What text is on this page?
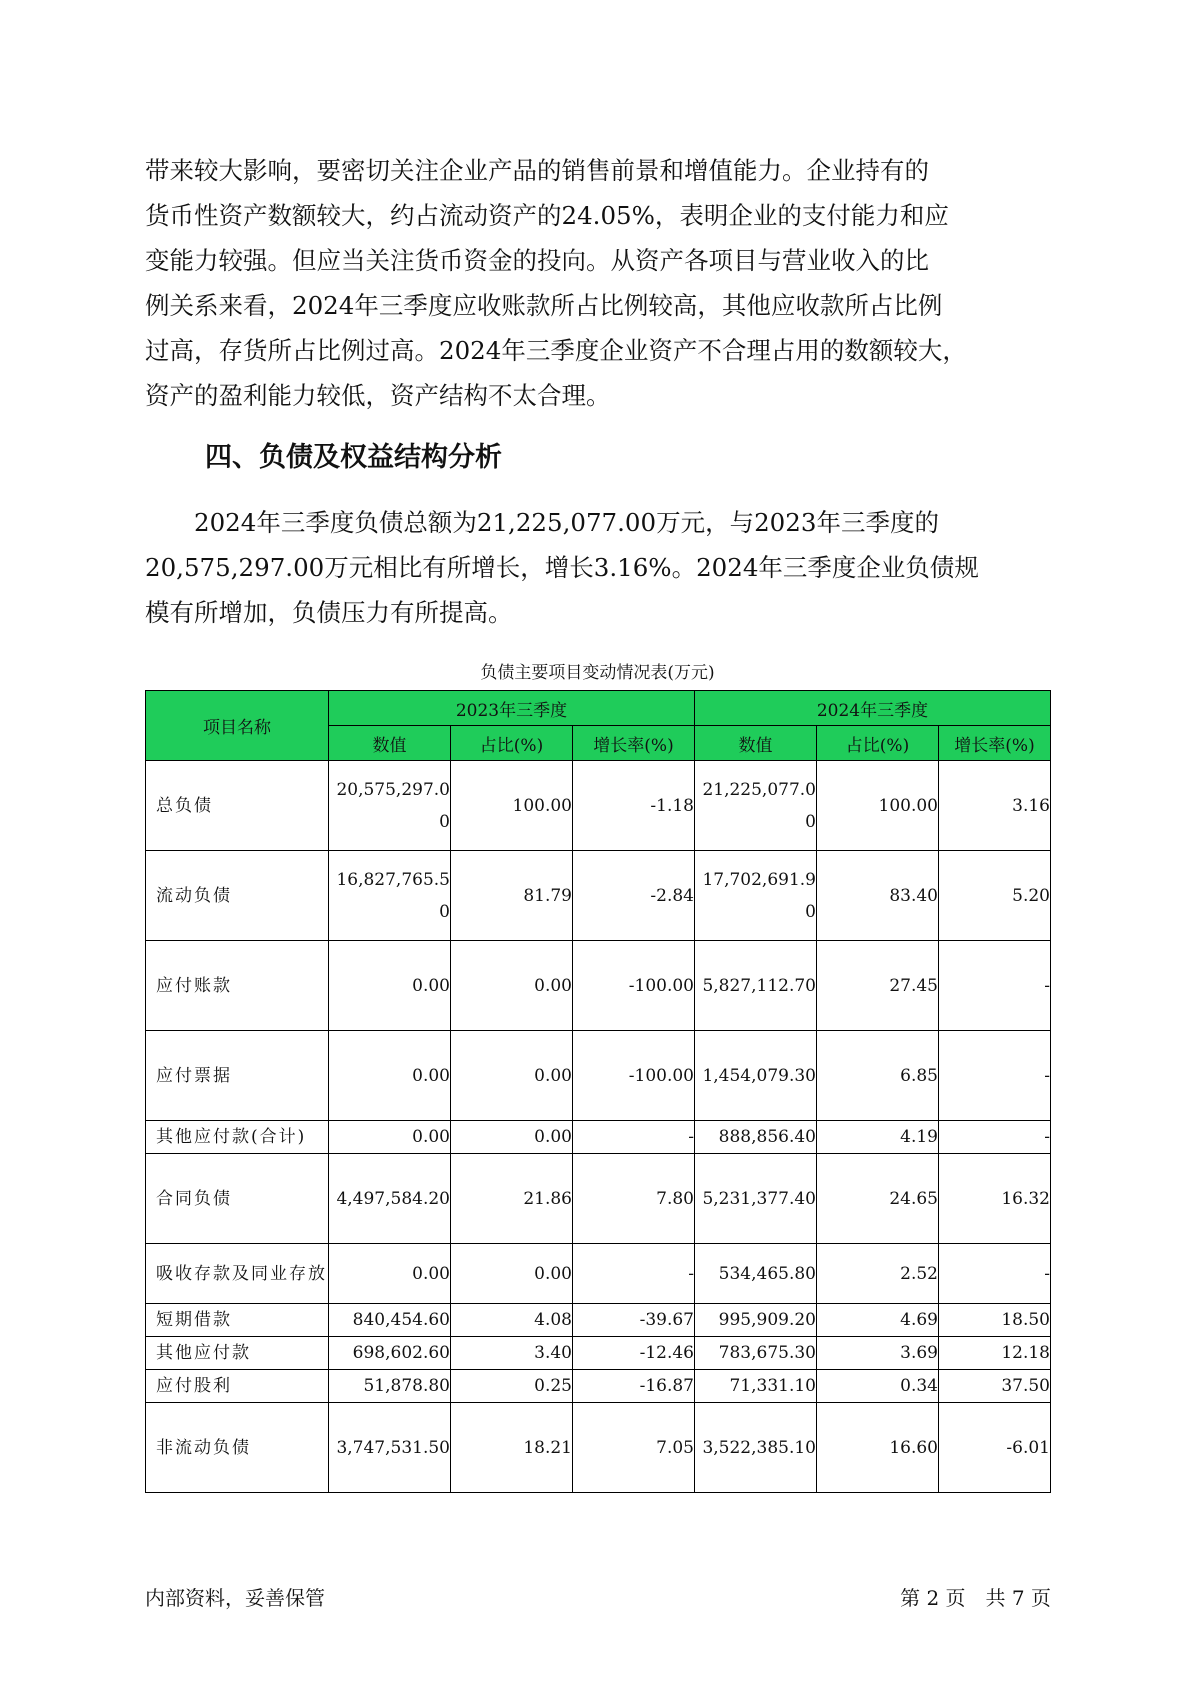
带来较大影响，要密切关注企业产品的销售前景和增值能力。企业持有的

货币性资产数额较大，约占流动资产的24.05%，表明企业的支付能力和应

变能力较强。但应当关注货币资金的投向。从资产各项目与营业收入的比

例关系来看，2024年三季度应收账款所占比例较高，其他应收款所占比例

过高，存货所占比例过高。2024年三季度企业资产不合理占用的数额较大，

资产的盈利能力较低，资产结构不太合理。

四、负债及权益结构分析

　　2024年三季度负债总额为21,225,077.00万元，与2023年三季度的

20,575,297.00万元相比有所增长，增长3.16%。2024年三季度企业负债规

模有所增加，负债压力有所提高。

负债主要项目变动情况表(万元)
项目名称	2023年三季度			2024年三季度		
	数值	占比(%)	增长率(%)	数值	占比(%)	增长率(%)

总负债	20,575,297.00	100.00	-1.18	21,225,077.00	100.00	3.16

流动负债	16,827,765.50	81.79	-2.84	17,702,691.90	83.40	5.20

应付账款	0.00	0.00	-100.00	5,827,112.70	27.45	-

应付票据	0.00	0.00	-100.00	1,454,079.30	6.85	-

其他应付款(合计)	0.00	0.00	-	888,856.40	4.19	-

合同负债	4,497,584.20	21.86	7.80	5,231,377.40	24.65	16.32

吸收存款及同业存放	0.00	0.00	-	534,465.80	2.52	-

短期借款	840,454.60	4.08	-39.67	995,909.20	4.69	18.50

其他应付款	698,602.60	3.40	-12.46	783,675.30	3.69	12.18

应付股利	51,878.80	0.25	-16.87	71,331.10	0.34	37.50

非流动负债	3,747,531.50	18.21	7.05	3,522,385.10	16.60	-6.01
内部资料，妥善保管	第 2 页　共 7 页
